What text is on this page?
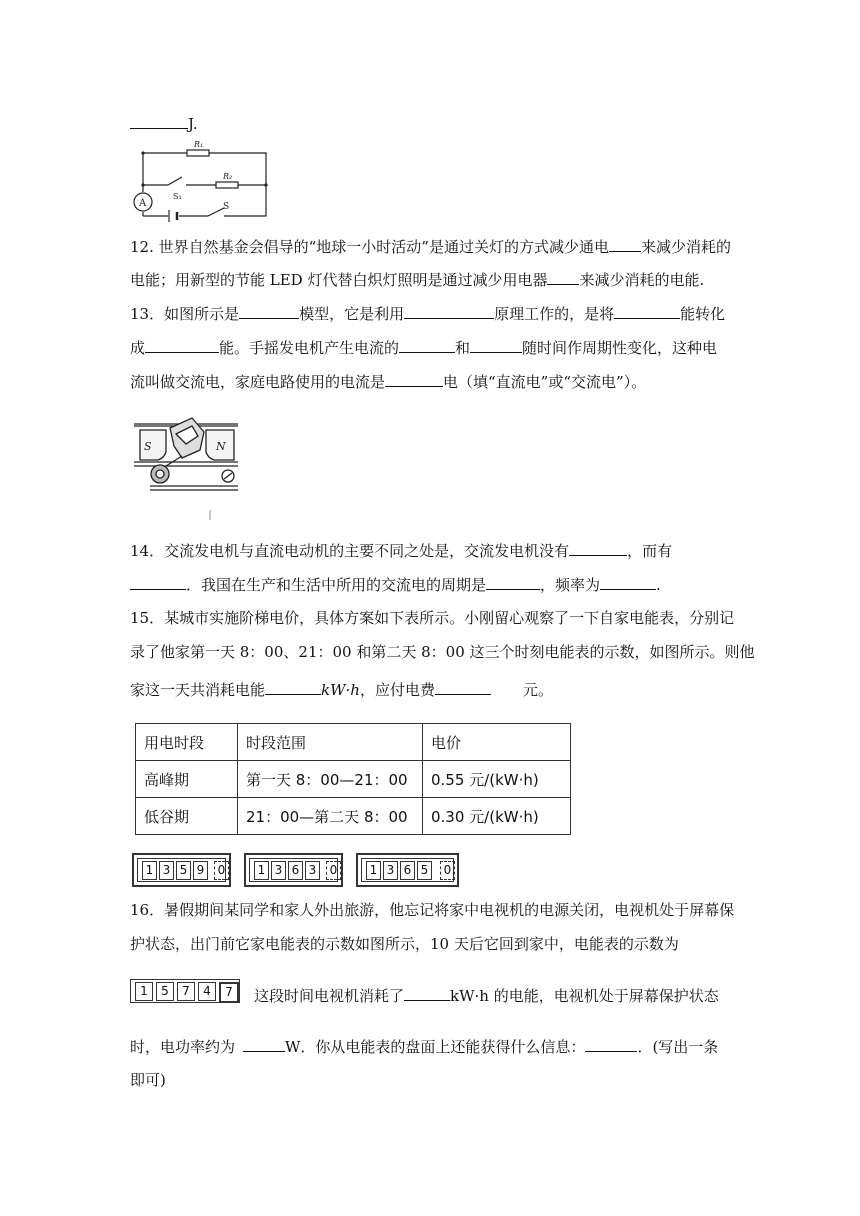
J.
R₁
R₂
A
S₁
S
12. 世界自然基金会倡导的“地球一小时活动”是通过关灯的方式减少通电 来减少消耗的
电能；用新型的节能 LED 灯代替白炽灯照明是通过减少用电器 来减少消耗的电能.
13．如图所示是	模型，它是利用	原理工作的，是将	能转化
成	能。手摇发电机产生电流的	和	随时间作周期性变化，这种电
流叫做交流电，家庭电路使用的电流是	电（填“直流电”或“交流电”）。
S	N
14．交流发电机与直流电动机的主要不同之处是，交流发电机没有	，而有
．我国在生产和生活中所用的交流电的周期是	，频率为	.
15．某城市实施阶梯电价，具体方案如下表所示。小刚留心观察了一下自家电能表，分别记
录了他家第一天 8：00、21：00 和第二天 8：00 这三个时刻电能表的示数，如图所示。则他
家这一天共消耗电能	kW·h，应付电费	元。
用电时段	时段范围	电价
高峰期	第一天 8：00—21：00	0.55 元/(kW·h)
低谷期	21：00—第二天 8：00	0.30 元/(kW·h)
1 3 5 9	0	1 3 6 3	0	1 3 6 5	0
16．暑假期间某同学和家人外出旅游，他忘记将家中电视机的电源关闭，电视机处于屏幕保
护状态，出门前它家电能表的示数如图所示，10 天后它回到家中，电能表的示数为
1	5	7	4	7	这段时间电视机消耗了	kW·h 的电能，电视机处于屏幕保护状态
时，电功率约为	W．你从电能表的盘面上还能获得什么信息：	．(写出一条
即可)
